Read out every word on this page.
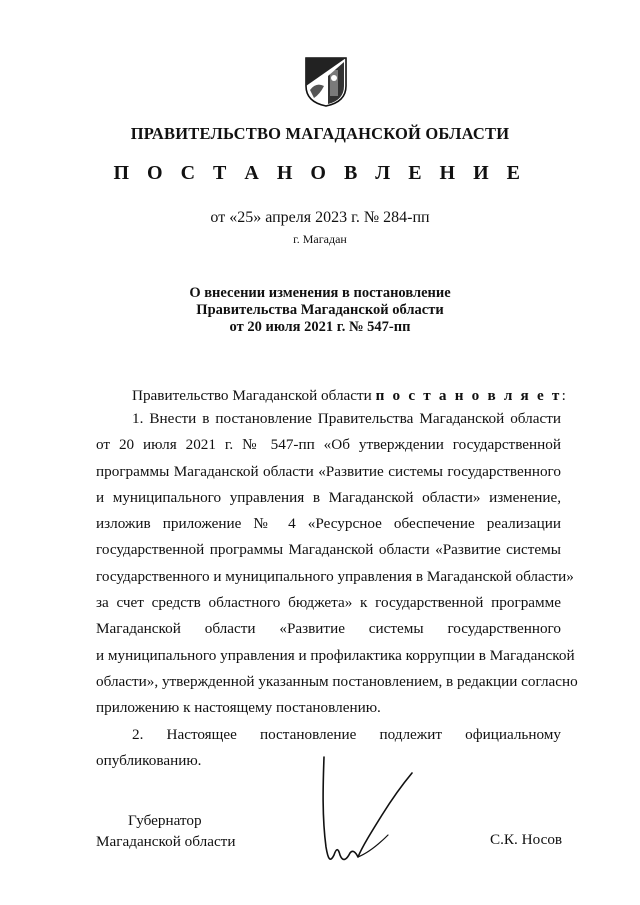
ПРАВИТЕЛЬСТВО МАГАДАНСКОЙ ОБЛАСТИ
П О С Т А Н О В Л Е Н И Е
от «25» апреля 2023 г. № 284-пп
г. Магадан
О внесении изменения в постановление
Правительства Магаданской области
от 20 июля 2021 г. № 547-пп
Правительство Магаданской области п о с т а н о в л я е т:
1. Внести в постановление Правительства Магаданской области
от 20 июля 2021 г. № 547-пп «Об утверждении государственной
программы Магаданской области «Развитие системы государственного
и муниципального управления в Магаданской области» изменение,
изложив приложение № 4 «Ресурсное обеспечение реализации
государственной программы Магаданской области «Развитие системы
государственного и муниципального управления в Магаданской области»
за счет средств областного бюджета» к государственной программе
Магаданской области «Развитие системы государственного
и муниципального управления и профилактика коррупции в Магаданской
области», утвержденной указанным постановлением, в редакции согласно
приложению к настоящему постановлению.
2. Настоящее постановление подлежит официальному
опубликованию.
Губернатор
Магаданской области	С.К. Носов
